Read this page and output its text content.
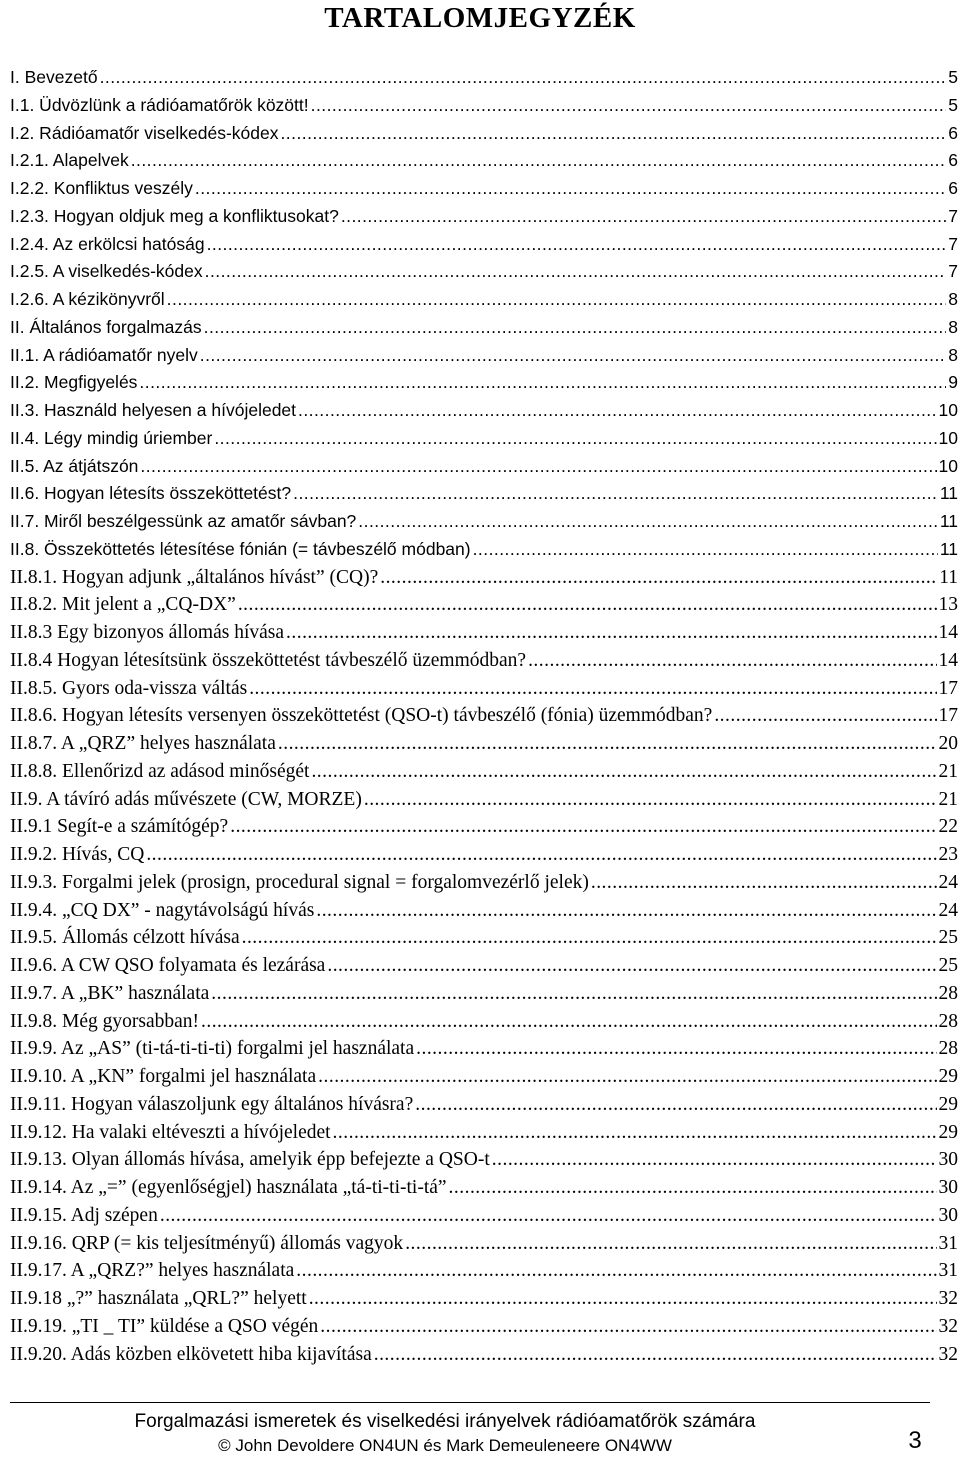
TARTALOMJEGYZÉK
I. Bevezető . . .	5
I.1. Üdvözlünk a rádióamatőrök között! . . .	5
I.2. Rádióamatőr viselkedés-kódex . . .	6
I.2.1. Alapelvek . . .	6
I.2.2. Konfliktus veszély . . .	6
I.2.3. Hogyan oldjuk meg a konfliktusokat? . . .	7
I.2.4. Az erkölcsi hatóság . . .	7
I.2.5. A viselkedés-kódex . . .	7
I.2.6. A kézikönyvről . . .	8
II. Általános forgalmazás . . .	8
II.1. A rádióamatőr nyelv . . .	8
II.2. Megfigyelés . . .	9
II.3. Használd helyesen a hívójeledet . . .	10
II.4. Légy mindig úriember . . .	10
II.5. Az átjátszón . . .	10
II.6. Hogyan létesíts összeköttetést? . . .	11
II.7. Miről beszélgessünk az amatőr sávban? . . .	11
II.8. Összeköttetés létesítése fónián (= távbeszélő módban) . . .	11
II.8.1. Hogyan adjunk „általános hívást” (CQ)? . . .	11
II.8.2. Mit jelent a „CQ-DX” . . .	13
II.8.3 Egy bizonyos állomás hívása . . .	14
II.8.4 Hogyan létesítsünk összeköttetést távbeszélő üzemmódban? . . .	14
II.8.5. Gyors oda-vissza váltás . . .	17
II.8.6. Hogyan létesíts versenyen összeköttetést (QSO-t) távbeszélő (fónia) üzemmódban? . . .	17
II.8.7. A „QRZ” helyes használata . . .	20
II.8.8. Ellenőrizd az adásod minőségét . . .	21
II.9. A távíró adás művészete (CW, MORZE) . . .	21
II.9.1 Segít-e a számítógép? . . .	22
II.9.2. Hívás, CQ . . .	23
II.9.3. Forgalmi jelek (prosign, procedural signal = forgalomvezérlő jelek) . . .	24
II.9.4. „CQ DX” - nagytávolságú hívás . . .	24
II.9.5. Állomás célzott hívása . . .	25
II.9.6. A CW QSO folyamata és lezárása . . .	25
II.9.7. A „BK” használata . . .	28
II.9.8. Még gyorsabban! . . .	28
II.9.9. Az „AS” (ti-tá-ti-ti-ti) forgalmi jel használata . . .	28
II.9.10. A „KN” forgalmi jel használata . . .	29
II.9.11. Hogyan válaszoljunk egy általános hívásra? . . .	29
II.9.12. Ha valaki eltéveszti a hívójeledet . . .	29
II.9.13. Olyan állomás hívása, amelyik épp befejezte a QSO-t . . .	30
II.9.14. Az „=” (egyenlőségjel) használata „tá-ti-ti-ti-tá” . . .	30
II.9.15. Adj szépen . . .	30
II.9.16. QRP (= kis teljesítményű) állomás vagyok . . .	31
II.9.17. A „QRZ?” helyes használata . . .	31
II.9.18 „?” használata „QRL?” helyett . . .	32
II.9.19. „TI _ TI” küldése a QSO végén . . .	32
II.9.20. Adás közben elkövetett hiba kijavítása . . .	32
Forgalmazási ismeretek és viselkedési irányelvek rádióamatőrök számára
© John Devoldere ON4UN és Mark Demeuleneere ON4WW	3
